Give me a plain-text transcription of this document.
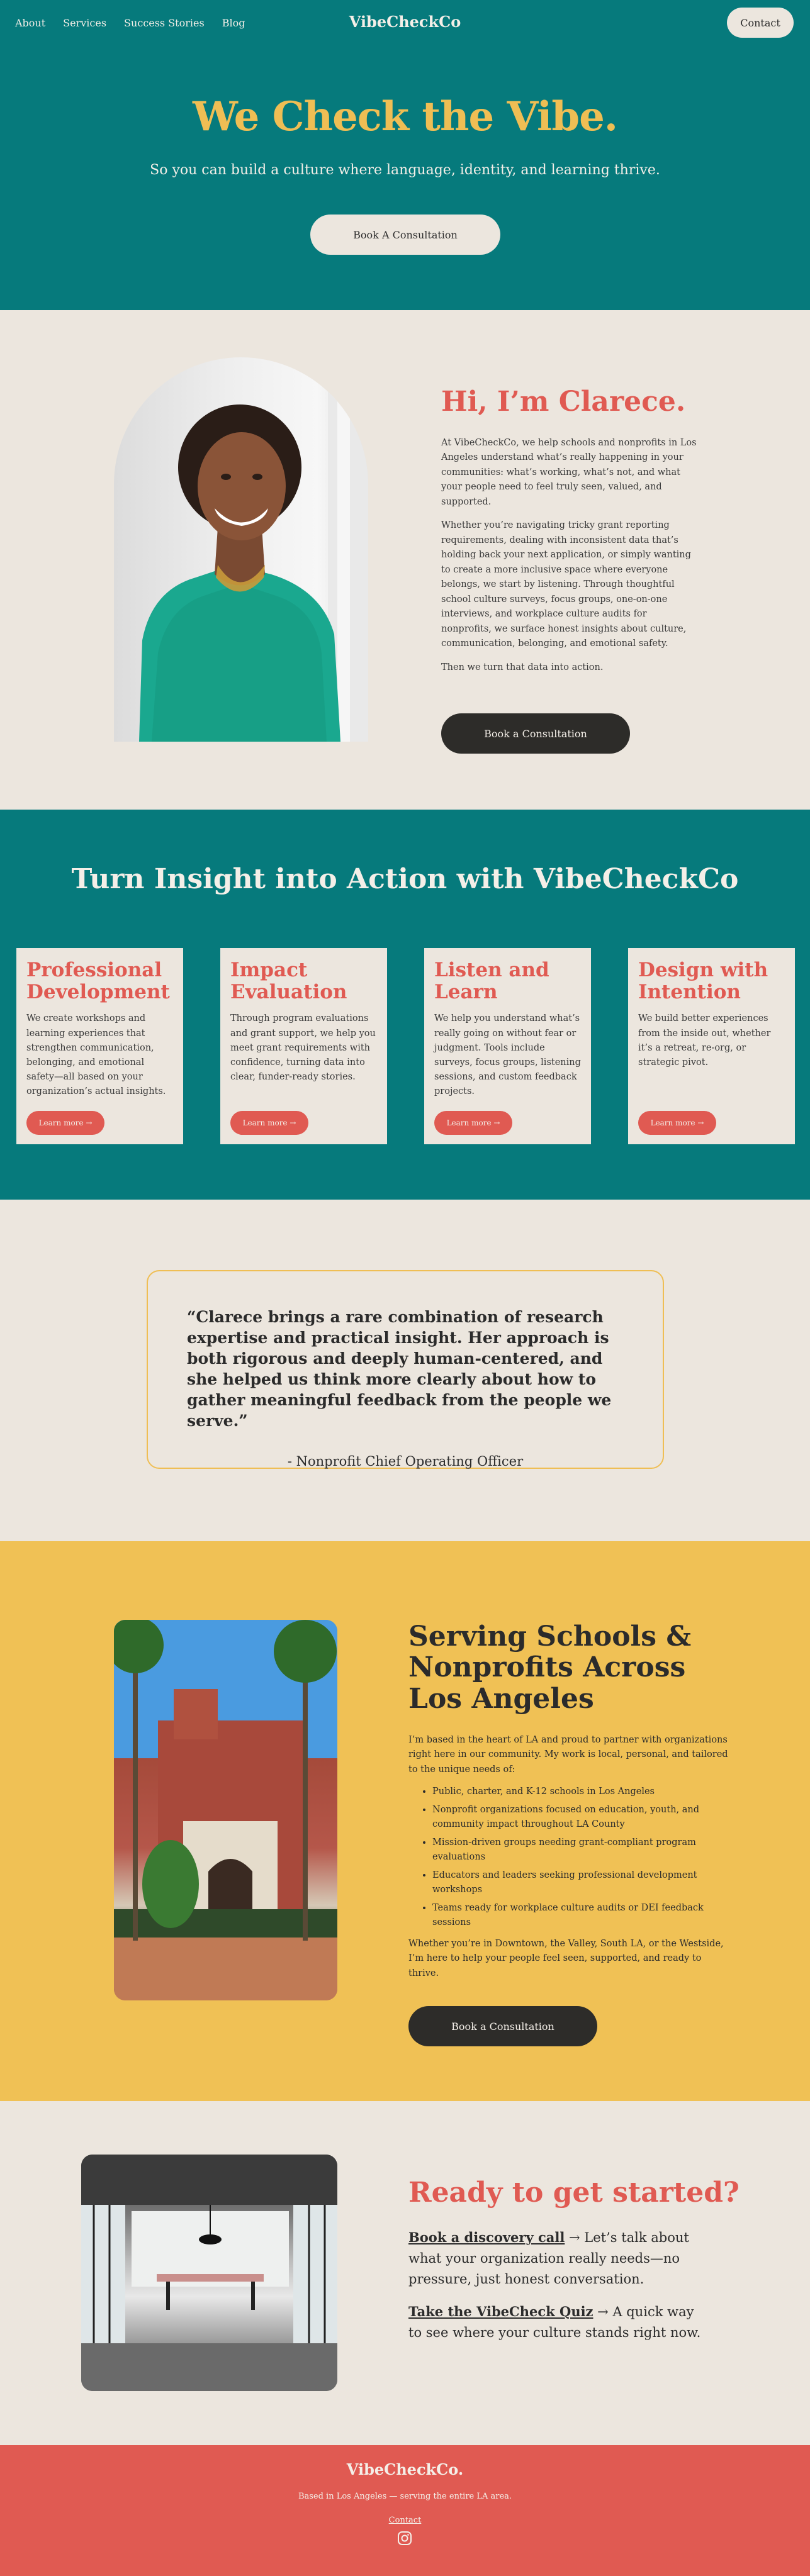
About Services Success Stories Blog	VibeCheckCo	Contact
We Check the Vibe.

So you can build a culture where language, identity, and learning thrive.

Book A Consultation
Hi, I’m Clarece.

At VibeCheckCo, we help schools and nonprofits in Los Angeles understand what’s really happening in your communities: what’s working, what’s not, and what your people need to feel truly seen, valued, and supported.

Whether you’re navigating tricky grant reporting requirements, dealing with inconsistent data that’s holding back your next application, or simply wanting to create a more inclusive space where everyone belongs, we start by listening. Through thoughtful school culture surveys, focus groups, one-on-one interviews, and workplace culture audits for nonprofits, we surface honest insights about culture, communication, belonging, and emotional safety.

Then we turn that data into action.

Book a Consultation
Turn Insight into Action with VibeCheckCo
Professional Development

We create workshops and learning experiences that strengthen communication, belonging, and emotional safety—all based on your organization’s actual insights.

Learn more →
Impact Evaluation

Through program evaluations and grant support, we help you meet grant requirements with confidence, turning data into clear, funder-ready stories.

Learn more →
Listen and Learn

We help you understand what’s really going on without fear or judgment. Tools include surveys, focus groups, listening sessions, and custom feedback projects.

Learn more →
Design with Intention

We build better experiences from the inside out, whether it’s a retreat, re-org, or strategic pivot.

Learn more →

“Clarece brings a rare combination of research expertise and practical insight. Her approach is both rigorous and deeply human-centered, and she helped us think more clearly about how to gather meaningful feedback from the people we serve.”

- Nonprofit Chief Operating Officer

Serving Schools & Nonprofits Across Los Angeles

I’m based in the heart of LA and proud to partner with organizations right here in our community. My work is local, personal, and tailored to the unique needs of:

• Public, charter, and K-12 schools in Los Angeles
• Nonprofit organizations focused on education, youth, and community impact throughout LA County
• Mission-driven groups needing grant-compliant program evaluations
• Educators and leaders seeking professional development workshops
• Teams ready for workplace culture audits or DEI feedback sessions

Whether you’re in Downtown, the Valley, South LA, or the Westside, I’m here to help your people feel seen, supported, and ready to thrive.

Book a Consultation
Ready to get started?

Book a discovery call → Let’s talk about what your organization really needs—no pressure, just honest conversation.

Take the VibeCheck Quiz → A quick way to see where your culture stands right now.

VibeCheckCo.
Based in Los Angeles — serving the entire LA area.
Contact
